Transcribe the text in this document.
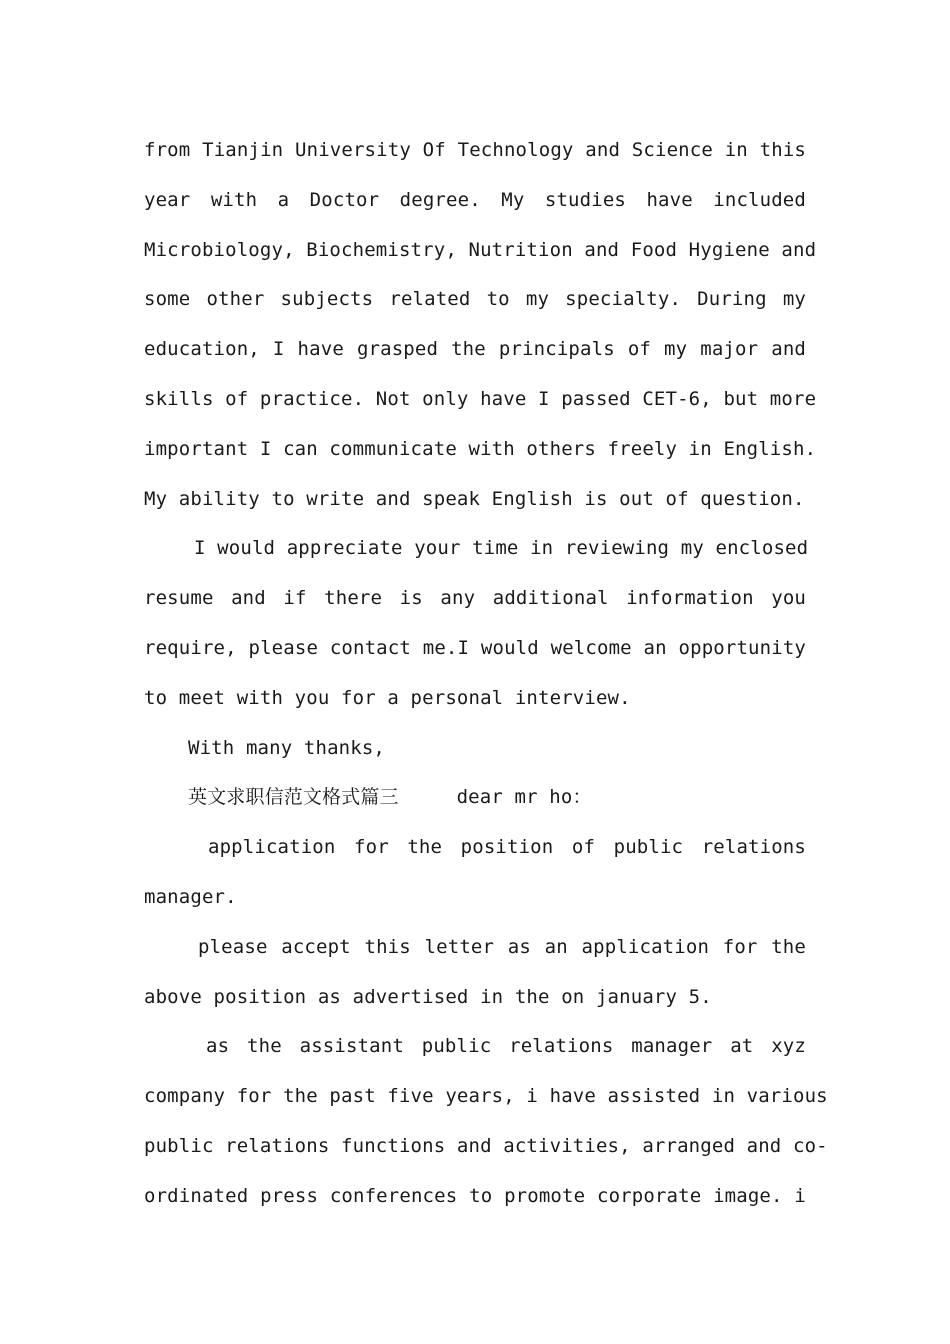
from Tianjin University Of Technology and Science in this
year with a Doctor degree. My studies have included
Microbiology, Biochemistry, Nutrition and Food Hygiene and
some other subjects related to my specialty. During my
education, I have grasped the principals of my major and
skills of practice. Not only have I passed CET-6, but more
important I can communicate with others freely in English.
My ability to write and speak English is out of question.
I would appreciate your time in reviewing my enclosed
resume and if there is any additional information you
require, please contact me.I would welcome an opportunity
to meet with you for a personal interview.
With many thanks,
英文求职信范文格式篇三     dear mr ho：
application for the position of public relations
manager.
please accept this letter as an application for the
above position as advertised in the on january 5.
as the assistant public relations manager at xyz
company for the past five years, i have assisted in various
public relations functions and activities, arranged and co-
ordinated press conferences to promote corporate image. i
